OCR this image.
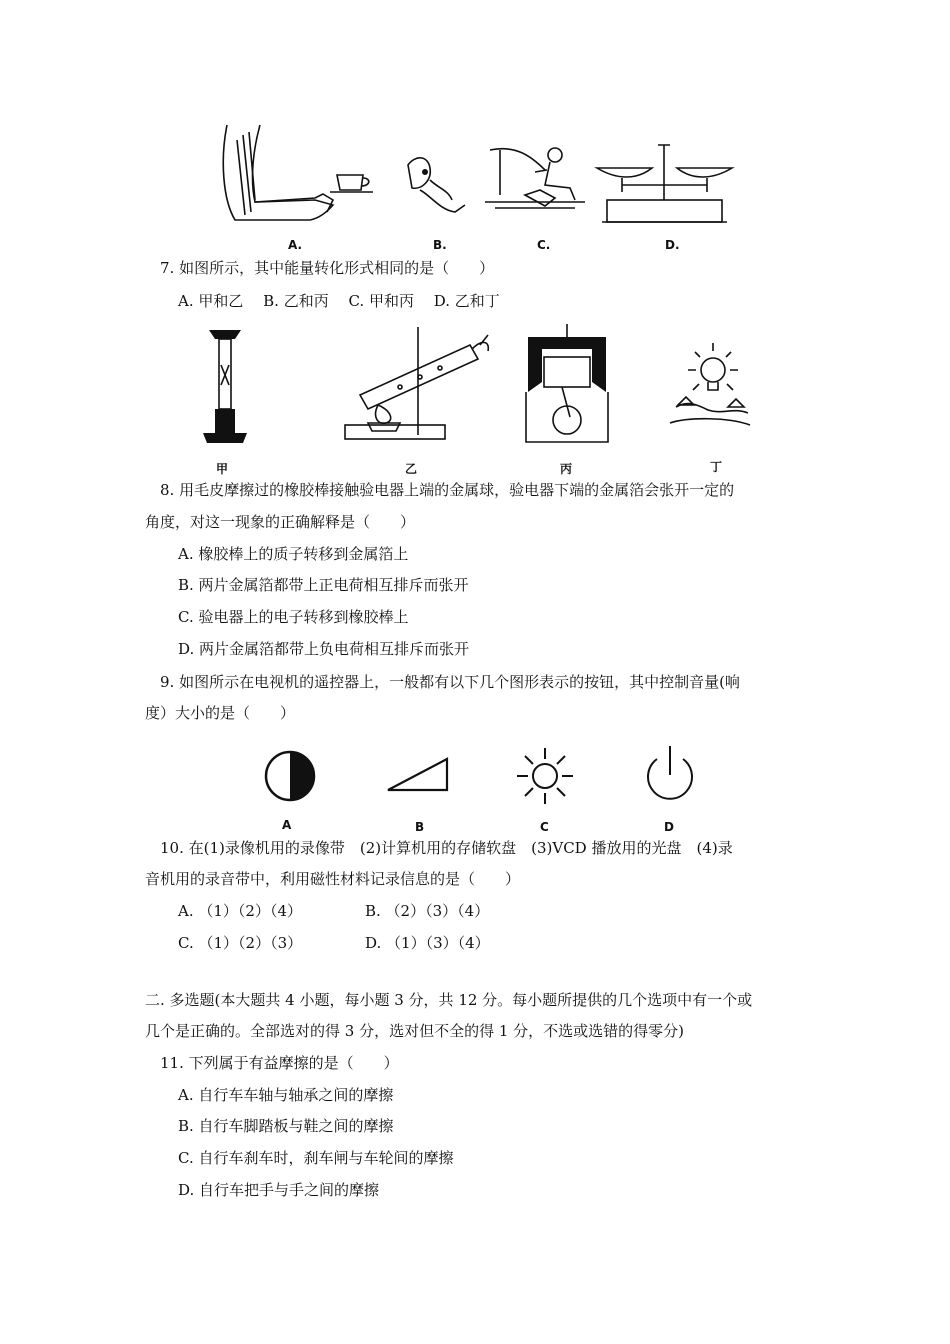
A.	B.	C.	D.
7. 如图所示，其中能量转化形式相同的是（　　）
A. 甲和乙　 B. 乙和丙　 C. 甲和丙　 D. 乙和丁
甲	乙	丙	丁
8. 用毛皮摩擦过的橡胶棒接触验电器上端的金属球，验电器下端的金属箔会张开一定的
角度，对这一现象的正确解释是（　　）
A. 橡胶棒上的质子转移到金属箔上
B. 两片金属箔都带上正电荷相互排斥而张开
C. 验电器上的电子转移到橡胶棒上
D. 两片金属箔都带上负电荷相互排斥而张开
9. 如图所示在电视机的遥控器上，一般都有以下几个图形表示的按钮，其中控制音量(响
度）大小的是（　　）
A	B	C	D
10. 在(1)录像机用的录像带　(2)计算机用的存储软盘　(3)VCD 播放用的光盘　(4)录
音机用的录音带中，利用磁性材料记录信息的是（　　）
A. （1）（2）（4）	B. （2）（3）（4）
C. （1）（2）（3）	D. （1）（3）（4）
二. 多选题(本大题共 4 小题，每小题 3 分，共 12 分。每小题所提供的几个选项中有一个或
几个是正确的。全部选对的得 3 分，选对但不全的得 1 分，不选或选错的得零分)
11. 下列属于有益摩擦的是（　　）
A. 自行车车轴与轴承之间的摩擦
B. 自行车脚踏板与鞋之间的摩擦
C. 自行车刹车时，刹车闸与车轮间的摩擦
D. 自行车把手与手之间的摩擦
